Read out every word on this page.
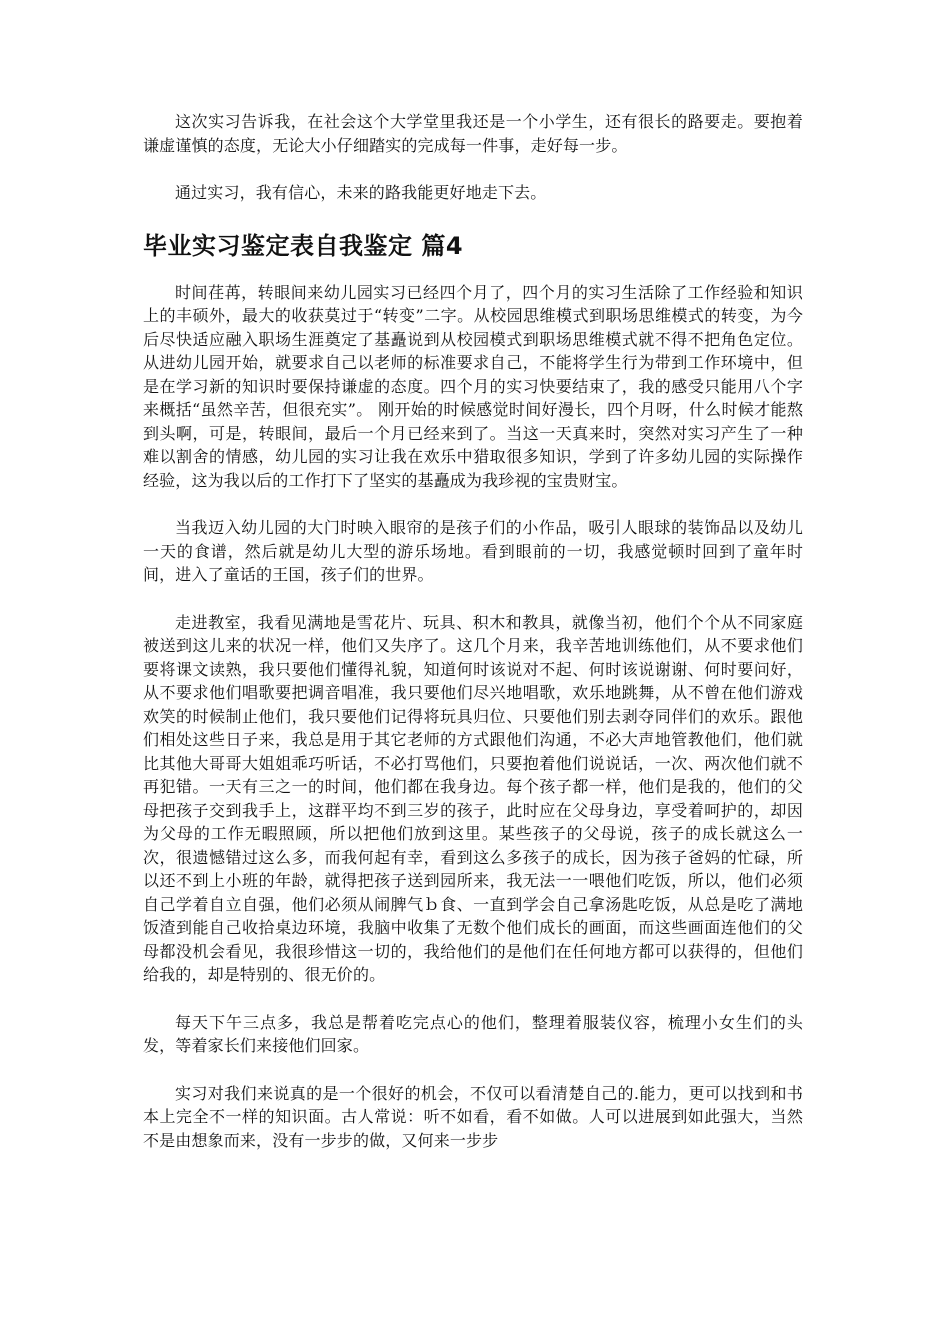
这次实习告诉我，在社会这个大学堂里我还是一个小学生，还有很长的路要走。要抱着谦虚谨慎的态度，无论大小仔细踏实的完成每一件事，走好每一步。

通过实习，我有信心，未来的路我能更好地走下去。

毕业实习鉴定表自我鉴定 篇4

时间荏苒，转眼间来幼儿园实习已经四个月了，四个月的实习生活除了工作经验和知识上的丰硕外，最大的收获莫过于“转变”二字。从校园思维模式到职场思维模式的转变，为今后尽快适应融入职场生涯奠定了基矗说到从校园模式到职场思维模式就不得不把角色定位。从进幼儿园开始，就要求自己以老师的标准要求自己，不能将学生行为带到工作环境中，但是在学习新的知识时要保持谦虚的态度。四个月的实习快要结束了，我的感受只能用八个字来概括“虽然辛苦，但很充实”。 刚开始的时候感觉时间好漫长，四个月呀，什么时候才能熬到头啊，可是，转眼间，最后一个月已经来到了。当这一天真来时，突然对实习产生了一种难以割舍的情感，幼儿园的实习让我在欢乐中猎取很多知识，学到了许多幼儿园的实际操作经验，这为我以后的工作打下了坚实的基矗成为我珍视的宝贵财宝。

当我迈入幼儿园的大门时映入眼帘的是孩子们的小作品，吸引人眼球的装饰品以及幼儿一天的食谱，然后就是幼儿大型的游乐场地。看到眼前的一切，我感觉顿时回到了童年时间，进入了童话的王国，孩子们的世界。

走进教室，我看见满地是雪花片、玩具、积木和教具，就像当初，他们个个从不同家庭被送到这儿来的状况一样，他们又失序了。这几个月来，我辛苦地训练他们，从不要求他们要将课文读熟，我只要他们懂得礼貌，知道何时该说对不起、何时该说谢谢、何时要问好，从不要求他们唱歌要把调音唱准，我只要他们尽兴地唱歌，欢乐地跳舞，从不曾在他们游戏欢笑的时候制止他们，我只要他们记得将玩具归位、只要他们别去剥夺同伴们的欢乐。跟他们相处这些日子来，我总是用于其它老师的方式跟他们沟通，不必大声地管教他们，他们就比其他大哥哥大姐姐乖巧听话，不必打骂他们，只要抱着他们说说话，一次、两次他们就不再犯错。一天有三之一的时间，他们都在我身边。每个孩子都一样，他们是我的，他们的父母把孩子交到我手上，这群平均不到三岁的孩子，此时应在父母身边，享受着呵护的，却因为父母的工作无暇照顾，所以把他们放到这里。某些孩子的父母说，孩子的成长就这么一次，很遗憾错过这么多，而我何起有幸，看到这么多孩子的成长，因为孩子爸妈的忙碌，所以还不到上小班的年龄，就得把孩子送到园所来，我无法一一喂他们吃饭，所以，他们必须自己学着自立自强，他们必须从闹脾气ｂ食、一直到学会自己拿汤匙吃饭，从总是吃了满地饭渣到能自己收拾桌边环境，我脑中收集了无数个他们成长的画面，而这些画面连他们的父母都没机会看见，我很珍惜这一切的，我给他们的是他们在任何地方都可以获得的，但他们给我的，却是特别的、很无价的。

每天下午三点多，我总是帮着吃完点心的他们，整理着服装仪容，梳理小女生们的头发，等着家长们来接他们回家。

实习对我们来说真的是一个很好的机会，不仅可以看清楚自己的.能力，更可以找到和书本上完全不一样的知识面。古人常说：听不如看，看不如做。人可以进展到如此强大，当然不是由想象而来，没有一步步的做，又何来一步步
